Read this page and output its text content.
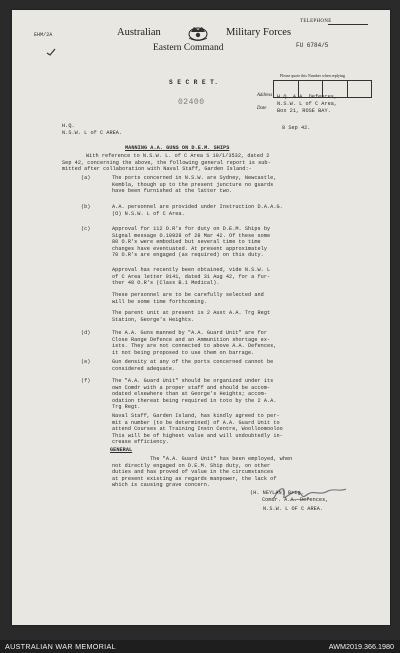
EHM/2A	Australian	Military Forces
Eastern Command
TELEPHONE
FU 6784/5
Please quote this Number when replying
S E C R E T.
02400
Address
Date
H.Q. A.A. Defences,
N.S.W. L of C Area,
Box 21, ROSE BAY.
8 Sep 42.
H.Q.
N.S.W. L of C AREA.
MANNING A.A. GUNS ON D.E.M. SHIPS
With reference to N.S.W. L. of C Area S 10/1/3532, dated 2
Sep 42, concerning the above, the following general report is sub-
mitted after collaboration with Naval Staff, Garden Island:-
(a)	The ports concerned in N.S.W. are Sydney, Newcastle,
Kembla, though up to the present juncture no guards
have been furnished at the latter two.
(b)	A.A. personnel are provided under Instruction D.A.A.G.
(O) N.S.W. L of C Area.
(c)	Approval for 112 O.R's for duty on D.E.M. Ships by
Signal message O.10928 of 28 Mar 42. Of these some
80 O.R's were embodied but several time to time
changes have eventuated. At present approximately
70 O.R's are engaged (as required) on this duty.
Approval has recently been obtained, vide N.S.W. L
of C Area letter 9141, dated 31 Aug 42, for a fur-
ther 48 O.R's (Class B.1 Medical).
These personnel are to be carefully selected and
will be some time forthcoming.
The parent unit at present is 2 Aust A.A. Trg Regt
Station, George's Heights.
(d)	The A.A. Guns manned by "A.A. Guard Unit" are for
Close Range Defence and an Ammunition shortage ex-
ists. They are not connected to above A.A. Defences,
it not being proposed to use them on barrage.
(e)	Gun density at any of the ports concerned cannot be
considered adequate.
(f)	The "A.A. Guard Unit" should be organized under its
own Comdr with a proper staff and should be accom-
odated elsewhere than at George's Heights; accom-
odation thereat being required in toto by the 2 A.A.
Trg Regt.
Naval Staff, Garden Island, has kindly agreed to per-
mit a number (to be determined) of A.A. Guard Unit to
attend Courses at Training Instn Centre, Woolloomooloo
This will be of highest value and will undoubtedly in-
crease efficiency.
GENERAL
The "A.A. Guard Unit" has been employed, when
not directly engaged on D.E.M. Ship duty, on other
duties and has proved of value in the circumstances
at present existing as regards manpower, the lack of
which is causing grave concern.
(H. NEYLAN) Brig.
Comdr. A.A. Defences,
N.S.W. L OF C AREA.
AUSTRALIAN WAR MEMORIAL	AWM2019.366.1980
